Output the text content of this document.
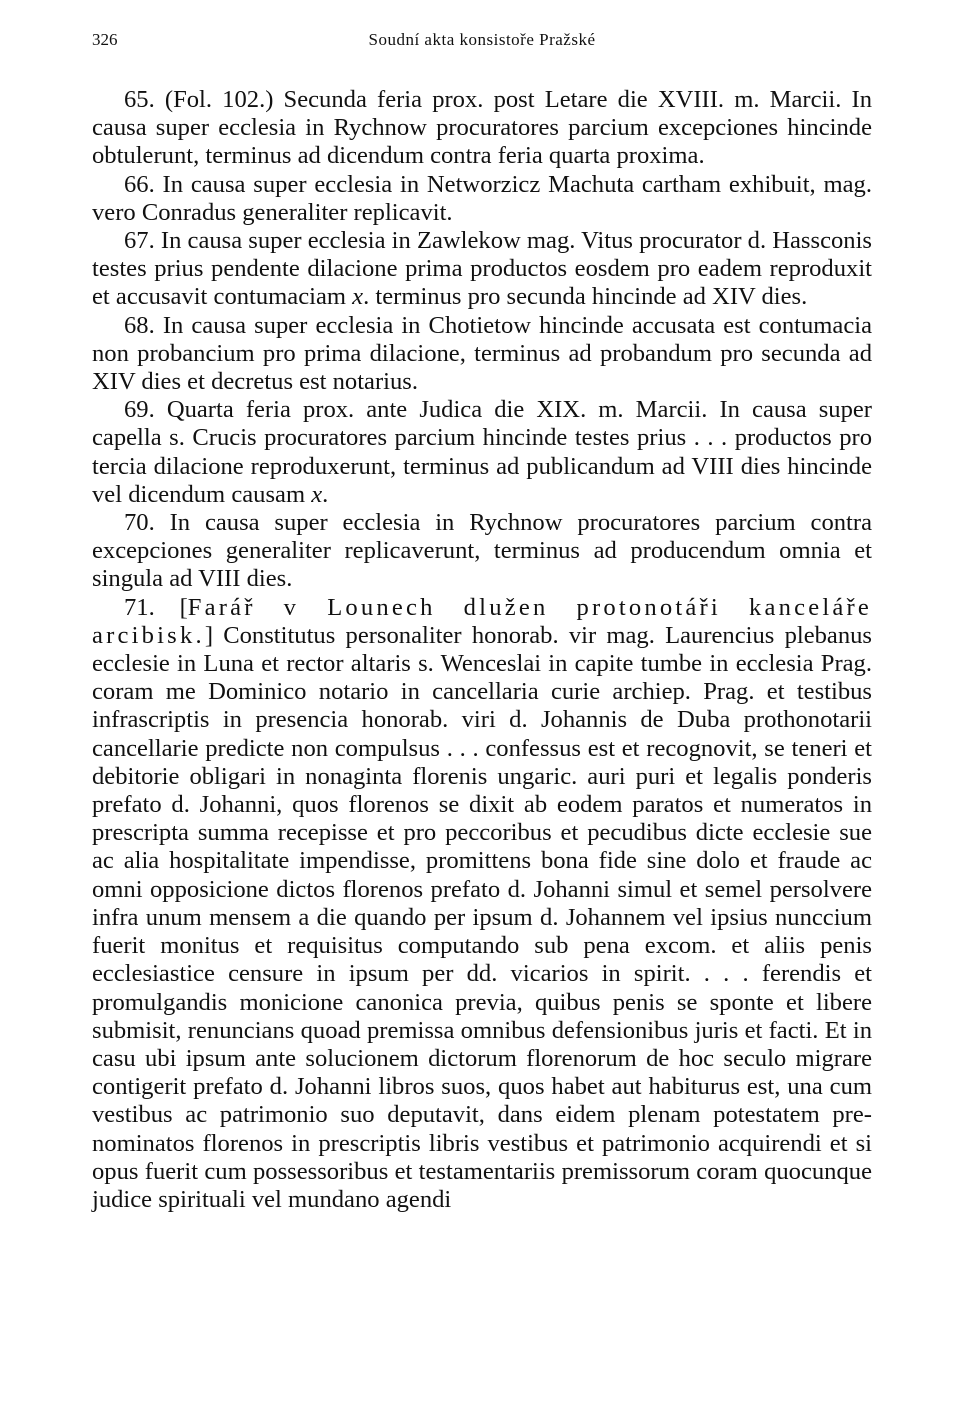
326	Soudní akta konsistoře Pražské

65. (Fol. 102.) Secunda feria prox. post Letare die XVIII. m. Marcii. In causa super ecclesia in Rychnow procuratores parcium excepciones hincinde obtulerunt, terminus ad dicendum contra feria quarta proxima.

66. In causa super ecclesia in Networzicz Machuta cartham exhibuit, mag. vero Conradus generaliter replicavit.

67. In causa super ecclesia in Zawlekow mag. Vitus procurator d. Hassconis testes prius pendente dilacione prima productos eosdem pro eadem reproduxit et accusavit contumaciam x. terminus pro secunda hincinde ad XIV dies.

68. In causa super ecclesia in Chotietow hincinde accusata est contumacia non probancium pro prima dilacione, terminus ad probandum pro secunda ad XIV dies et decretus est notarius.

69. Quarta feria prox. ante Judica die XIX. m. Marcii. In causa super capella s. Crucis procuratores parcium hincinde testes prius . . . productos pro tercia dilacione reproduxerunt, terminus ad publicandum ad VIII dies hincinde vel dicendum causam x.

70. In causa super ecclesia in Rychnow procuratores parcium contra excepciones generaliter replicaverunt, terminus ad producendum omnia et singula ad VIII dies.

71. [Farář v Lounech dlužen protonotáři kanceláře arcibisk.] Constitutus personaliter honorab. vir mag. Laurencius plebanus ecclesie in Luna et rector altaris s. Wenceslai in capite tumbe in ecclesia Prag. coram me Dominico notario in cancellaria curie archiep. Prag. et testibus infrascriptis in presencia honorab. viri d. Johannis de Duba prothonotarii cancellarie predicte non compulsus . . . confessus est et recognovit, se teneri et debitorie obligari in nonaginta florenis ungaric. auri puri et legalis ponderis prefato d. Johanni, quos florenos se dixit ab eodem paratos et numeratos in prescripta summa recepisse et pro peccoribus et pecudibus dicte ecclesie sue ac alia hospitalitate impendisse, promittens bona fide sine dolo et fraude ac omni opposicione dictos florenos prefato d. Johanni simul et semel persolvere infra unum mensem a die quando per ipsum d. Johannem vel ipsius nunccium fuerit monitus et requisitus computando sub pena excom. et aliis penis ecclesiastice censure in ipsum per dd. vicarios in spirit. . . . ferendis et promulgandis monicione canonica previa, quibus penis se sponte et libere submisit, renuncians quoad premissa omnibus defensionibus juris et facti. Et in casu ubi ipsum ante solucionem dictorum florenorum de hoc seculo migrare contigerit prefato d. Johanni libros suos, quos habet aut habiturus est, una cum vestibus ac patrimonio suo deputavit, dans eidem plenam potestatem prenominatos florenos in prescriptis libris vestibus et patrimonio acquirendi et si opus fuerit cum possessoribus et testamentariis premissorum coram quocunque judice spirituali vel mundano agendi
